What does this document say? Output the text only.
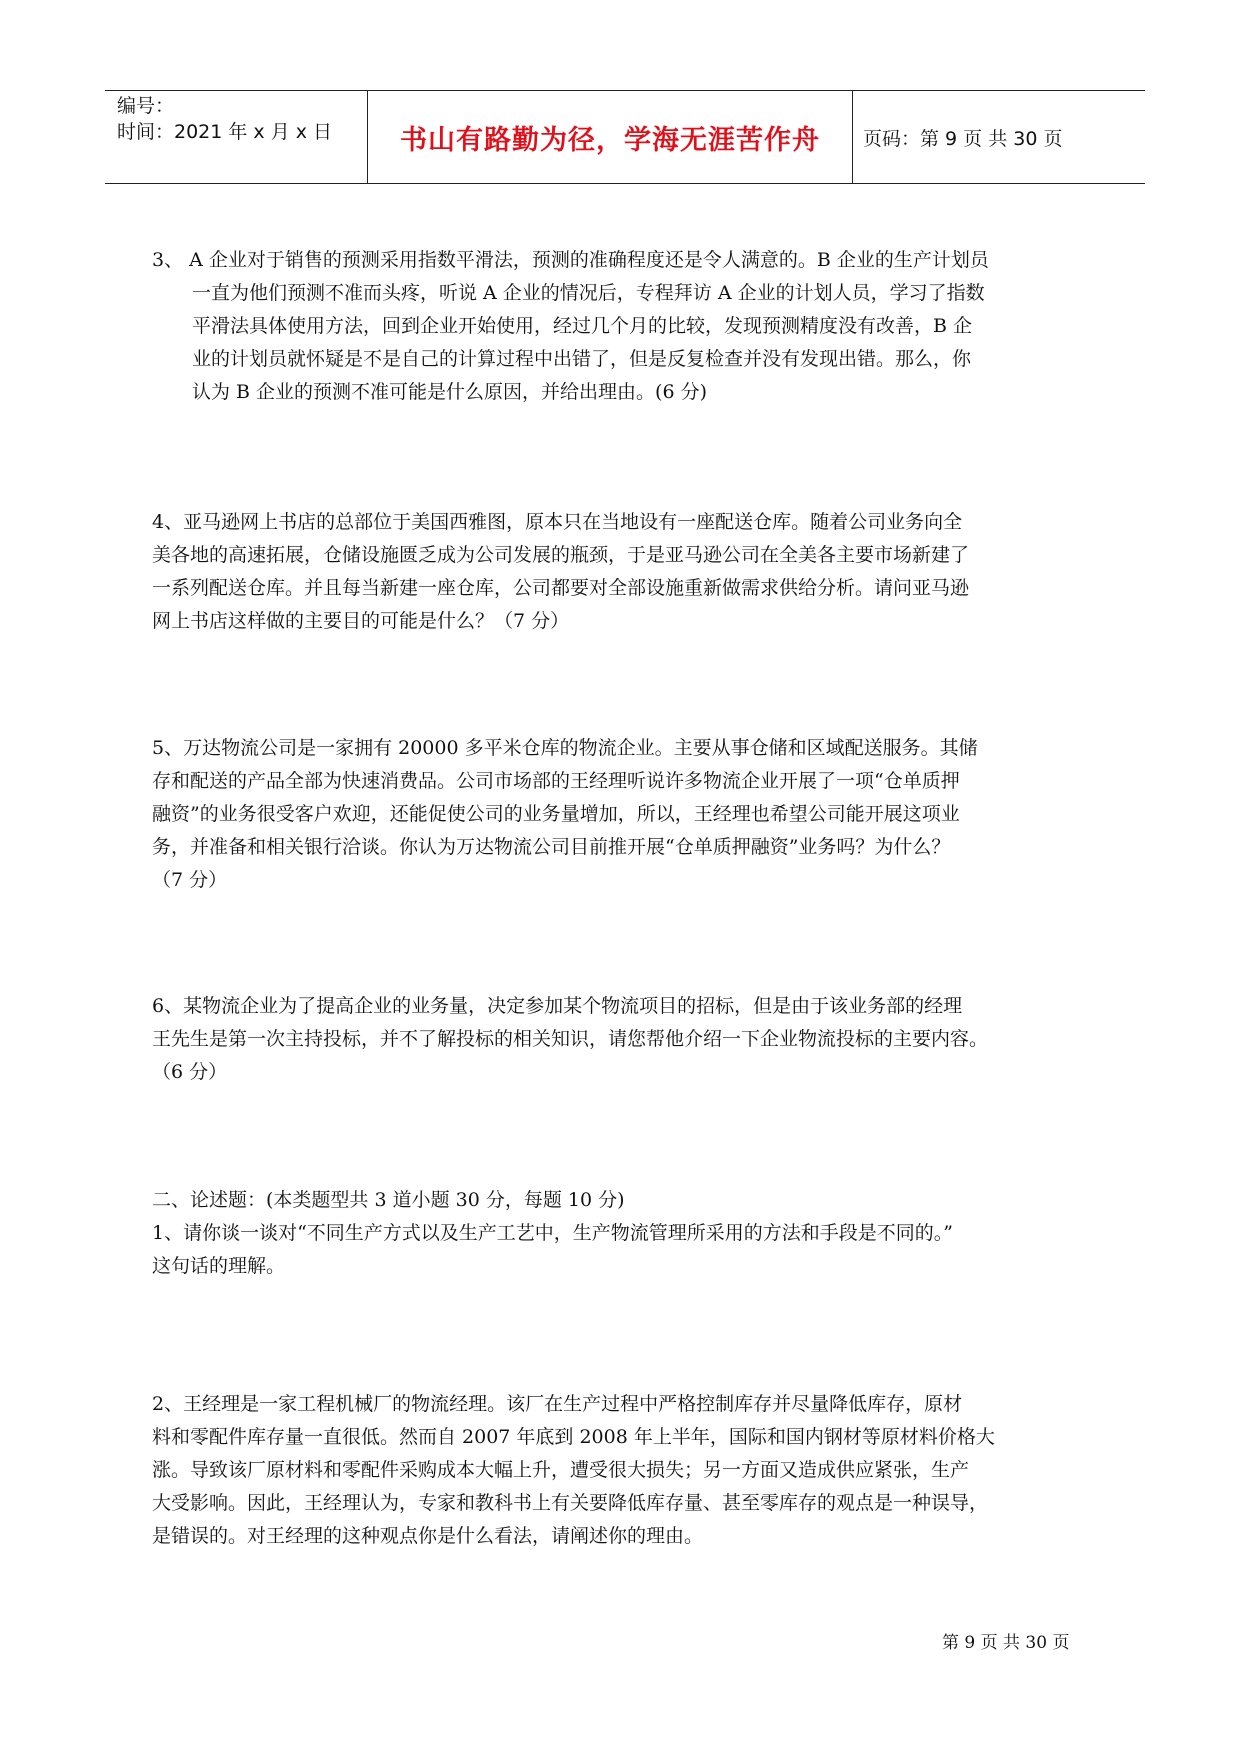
编号：
时间：2021 年 x 月 x 日	书山有路勤为径，学海无涯苦作舟 页码：第 9 页 共 30 页

3、 A 企业对于销售的预测采用指数平滑法，预测的准确程度还是令人满意的。B 企业的生产计划员

一直为他们预测不准而头疼，听说 A 企业的情况后，专程拜访 A 企业的计划人员，学习了指数

平滑法具体使用方法，回到企业开始使用，经过几个月的比较，发现预测精度没有改善，B 企

业的计划员就怀疑是不是自己的计算过程中出错了，但是反复检查并没有发现出错。那么，你

认为 B 企业的预测不准可能是什么原因，并给出理由。(6 分)

4、亚马逊网上书店的总部位于美国西雅图，原本只在当地设有一座配送仓库。随着公司业务向全

美各地的高速拓展，仓储设施匮乏成为公司发展的瓶颈，于是亚马逊公司在全美各主要市场新建了

一系列配送仓库。并且每当新建一座仓库，公司都要对全部设施重新做需求供给分析。请问亚马逊

网上书店这样做的主要目的可能是什么？（7 分）

5、万达物流公司是一家拥有 20000 多平米仓库的物流企业。主要从事仓储和区域配送服务。其储

存和配送的产品全部为快速消费品。公司市场部的王经理听说许多物流企业开展了一项“仓单质押

融资”的业务很受客户欢迎，还能促使公司的业务量增加，所以，王经理也希望公司能开展这项业

务，并准备和相关银行洽谈。你认为万达物流公司目前推开展“仓单质押融资”业务吗？为什么？

（7 分）

6、某物流企业为了提高企业的业务量，决定参加某个物流项目的招标，但是由于该业务部的经理

王先生是第一次主持投标，并不了解投标的相关知识，请您帮他介绍一下企业物流投标的主要内容。

（6 分）

二、论述题：(本类题型共 3 道小题 30 分，每题 10 分)

1、请你谈一谈对“不同生产方式以及生产工艺中，生产物流管理所采用的方法和手段是不同的。”

这句话的理解。

2、王经理是一家工程机械厂的物流经理。该厂在生产过程中严格控制库存并尽量降低库存，原材

料和零配件库存量一直很低。然而自 2007 年底到 2008 年上半年，国际和国内钢材等原材料价格大

涨。导致该厂原材料和零配件采购成本大幅上升，遭受很大损失；另一方面又造成供应紧张，生产

大受影响。因此，王经理认为，专家和教科书上有关要降低库存量、甚至零库存的观点是一种误导，

是错误的。对王经理的这种观点你是什么看法，请阐述你的理由。

第 9 页 共 30 页
